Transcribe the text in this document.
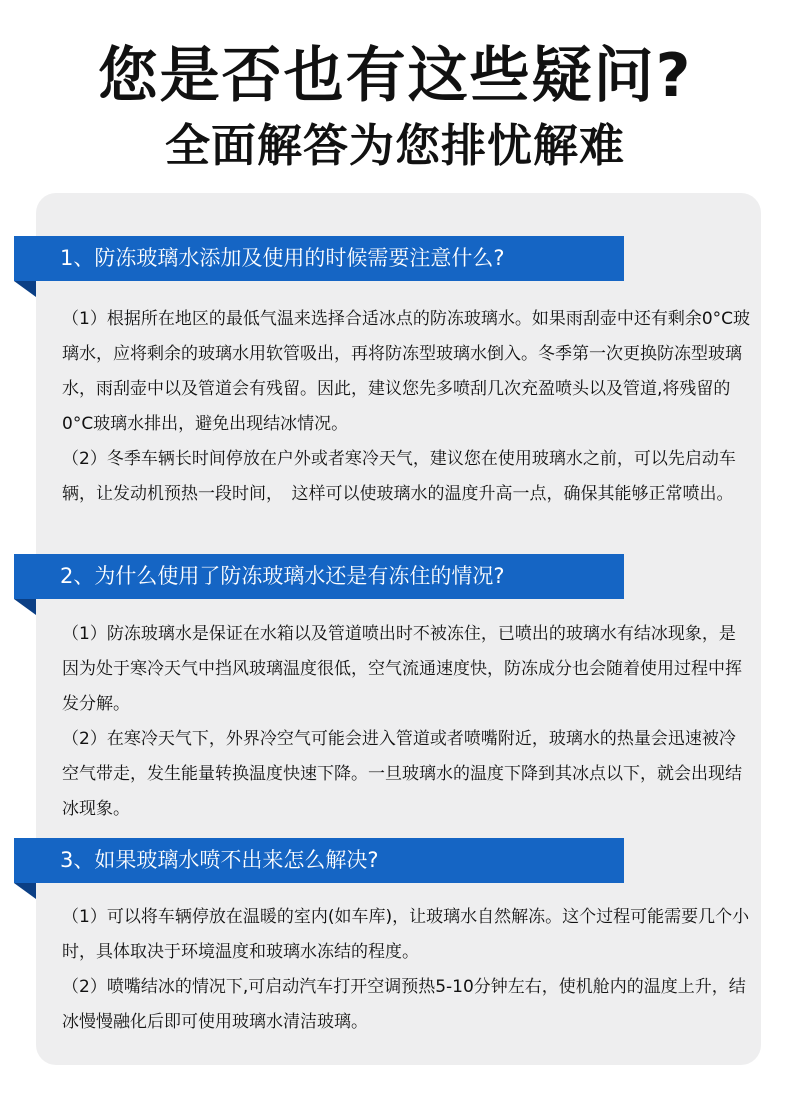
您是否也有这些疑问?
全面解答为您排忧解难
1、防冻玻璃水添加及使用的时候需要注意什么?

（1）根据所在地区的最低气温来选择合适冰点的防冻玻璃水。如果雨刮壶中还有剩余0°C玻璃水，应将剩余的玻璃水用软管吸出，再将防冻型玻璃水倒入。冬季第一次更换防冻型玻璃水，雨刮壶中以及管道会有残留。因此，建议您先多喷刮几次充盈喷头以及管道,将残留的0°C玻璃水排出，避免出现结冰情况。

（2）冬季车辆长时间停放在户外或者寒冷天气，建议您在使用玻璃水之前，可以先启动车辆，让发动机预热一段时间，　这样可以使玻璃水的温度升高一点，确保其能够正常喷出。

2、为什么使用了防冻玻璃水还是有冻住的情况?

（1）防冻玻璃水是保证在水箱以及管道喷出时不被冻住，已喷出的玻璃水有结冰现象，是因为处于寒冷天气中挡风玻璃温度很低，空气流通速度快，防冻成分也会随着使用过程中挥发分解。

（2）在寒冷天气下，外界冷空气可能会进入管道或者喷嘴附近，玻璃水的热量会迅速被冷空气带走，发生能量转换温度快速下降。一旦玻璃水的温度下降到其冰点以下，就会出现结冰现象。

3、如果玻璃水喷不出来怎么解决?

（1）可以将车辆停放在温暖的室内(如车库)，让玻璃水自然解冻。这个过程可能需要几个小时，具体取决于环境温度和玻璃水冻结的程度。

（2）喷嘴结冰的情况下,可启动汽车打开空调预热5-10分钟左右，使机舱内的温度上升，结冰慢慢融化后即可使用玻璃水清洁玻璃。
